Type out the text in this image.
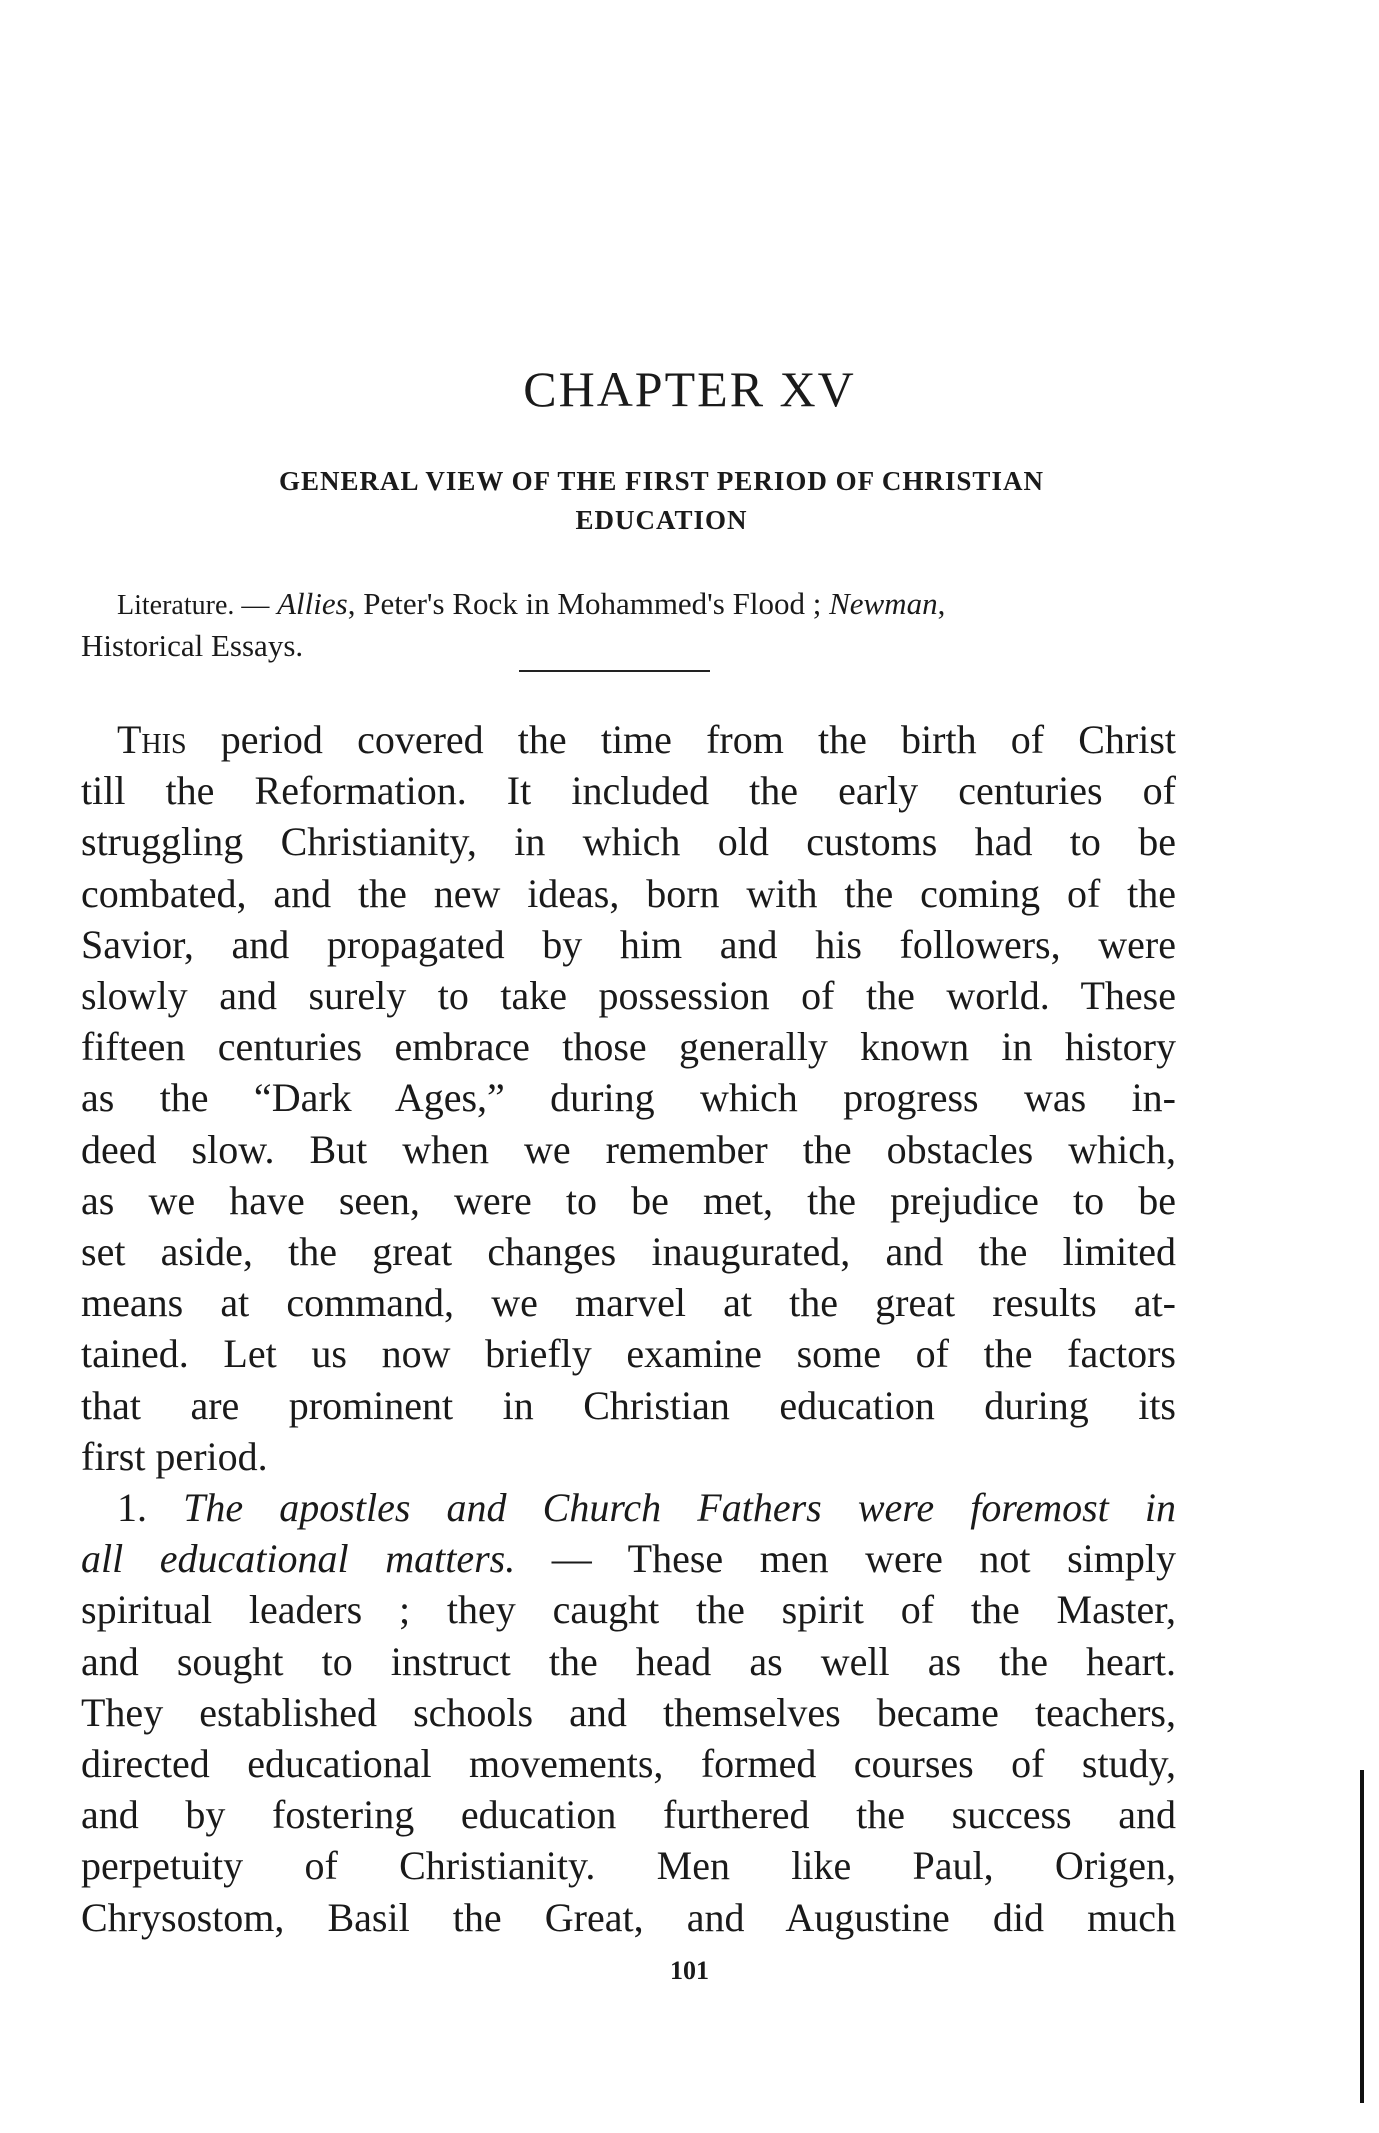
CHAPTER XV
GENERAL VIEW OF THE FIRST PERIOD OF CHRISTIAN
EDUCATION
Literature. — Allies, Peter's Rock in Mohammed's Flood ; Newman,
Historical Essays.
This period covered the time from the birth of Christ
till the Reformation. It included the early centuries of
struggling Christianity, in which old customs had to be
combated, and the new ideas, born with the coming of the
Savior, and propagated by him and his followers, were
slowly and surely to take possession of the world. These
fifteen centuries embrace those generally known in history
as the “Dark Ages,” during which progress was in-
deed slow. But when we remember the obstacles which,
as we have seen, were to be met, the prejudice to be
set aside, the great changes inaugurated, and the limited
means at command, we marvel at the great results at-
tained. Let us now briefly examine some of the factors
that are prominent in Christian education during its
first period.
1. The apostles and Church Fathers were foremost in
all educational matters. — These men were not simply
spiritual leaders ; they caught the spirit of the Master,
and sought to instruct the head as well as the heart.
They established schools and themselves became teachers,
directed educational movements, formed courses of study,
and by fostering education furthered the success and
perpetuity of Christianity. Men like Paul, Origen,
Chrysostom, Basil the Great, and Augustine did much
101
